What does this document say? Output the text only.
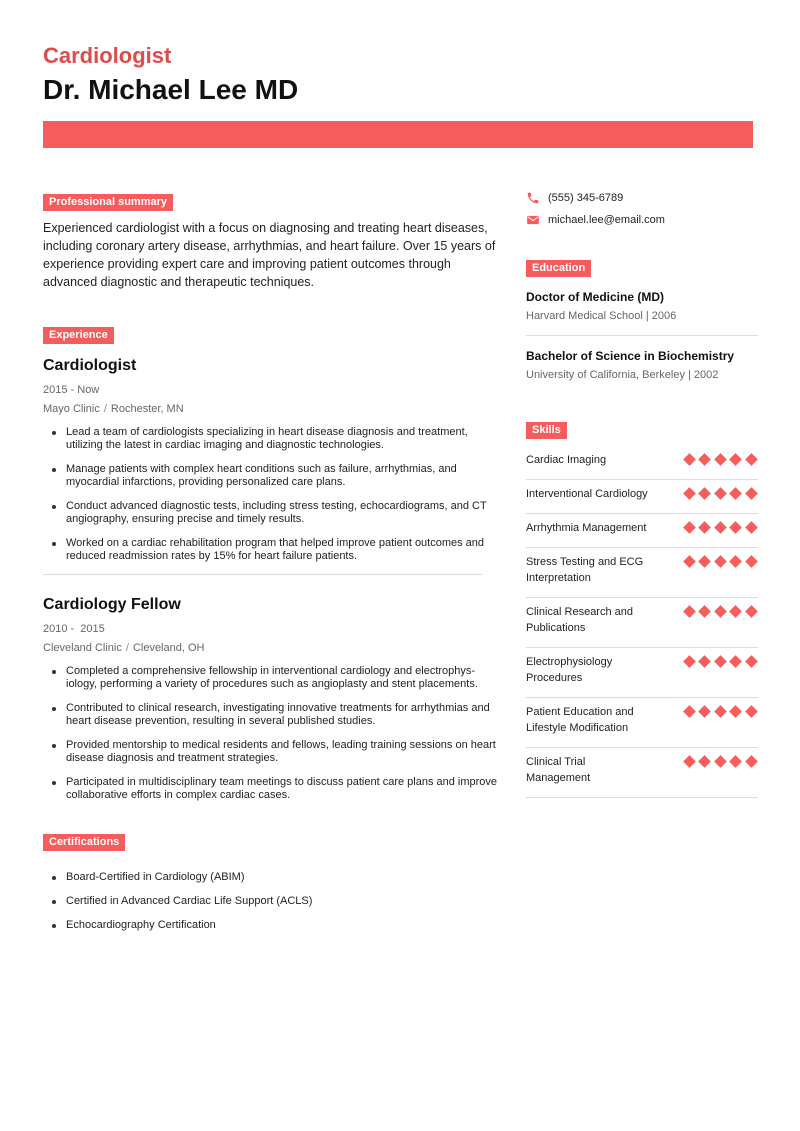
Cardiologist
Dr. Michael Lee MD
Professional summary

Experienced cardiologist with a focus on diagnosing and treating heart diseases, including coronary artery disease, arrhythmias, and heart failure. Over 15 years of experience providing expert care and improving patient outcomes through advanced diagnostic and therapeutic techniques.

Experience
Cardiologist
2015 - Now
Mayo Clinic / Rochester, MN
Lead a team of cardiologists specializing in heart disease diagnosis and treatment, utilizing the latest in cardiac imaging and diagnostic technologies.
Manage patients with complex heart conditions such as failure, arrhythmias, and myocardial infarctions, providing personalized care plans.
Conduct advanced diagnostic tests, including stress testing, echocardiograms, and CT angiography, ensuring precise and timely results.
Worked on a cardiac rehabilitation program that helped improve patient outcomes and reduced readmission rates by 15% for heart failure patients.
Cardiology Fellow
2010 -  2015
Cleveland Clinic / Cleveland, OH
Completed a comprehensive fellowship in interventional cardiology and electrophysiology, performing a variety of procedures such as angioplasty and stent placements.
Contributed to clinical research, investigating innovative treatments for arrhythmias and heart disease prevention, resulting in several published studies.
Provided mentorship to medical residents and fellows, leading training sessions on heart disease diagnosis and treatment strategies.
Participated in multidisciplinary team meetings to discuss patient care plans and improve collaborative efforts in complex cardiac cases.
Certifications
Board-Certified in Cardiology (ABIM)
Certified in Advanced Cardiac Life Support (ACLS)
Echocardiography Certification
(555) 345-6789
michael.lee@email.com
Education
Doctor of Medicine (MD)
Harvard Medical School | 2006
Bachelor of Science in Biochemistry
University of California, Berkeley | 2002
Skills
Cardiac Imaging
Interventional Cardiology
Arrhythmia Management
Stress Testing and ECG Interpretation
Clinical Research and Publications
Electrophysiology Procedures
Patient Education and Lifestyle Modification
Clinical Trial Management
